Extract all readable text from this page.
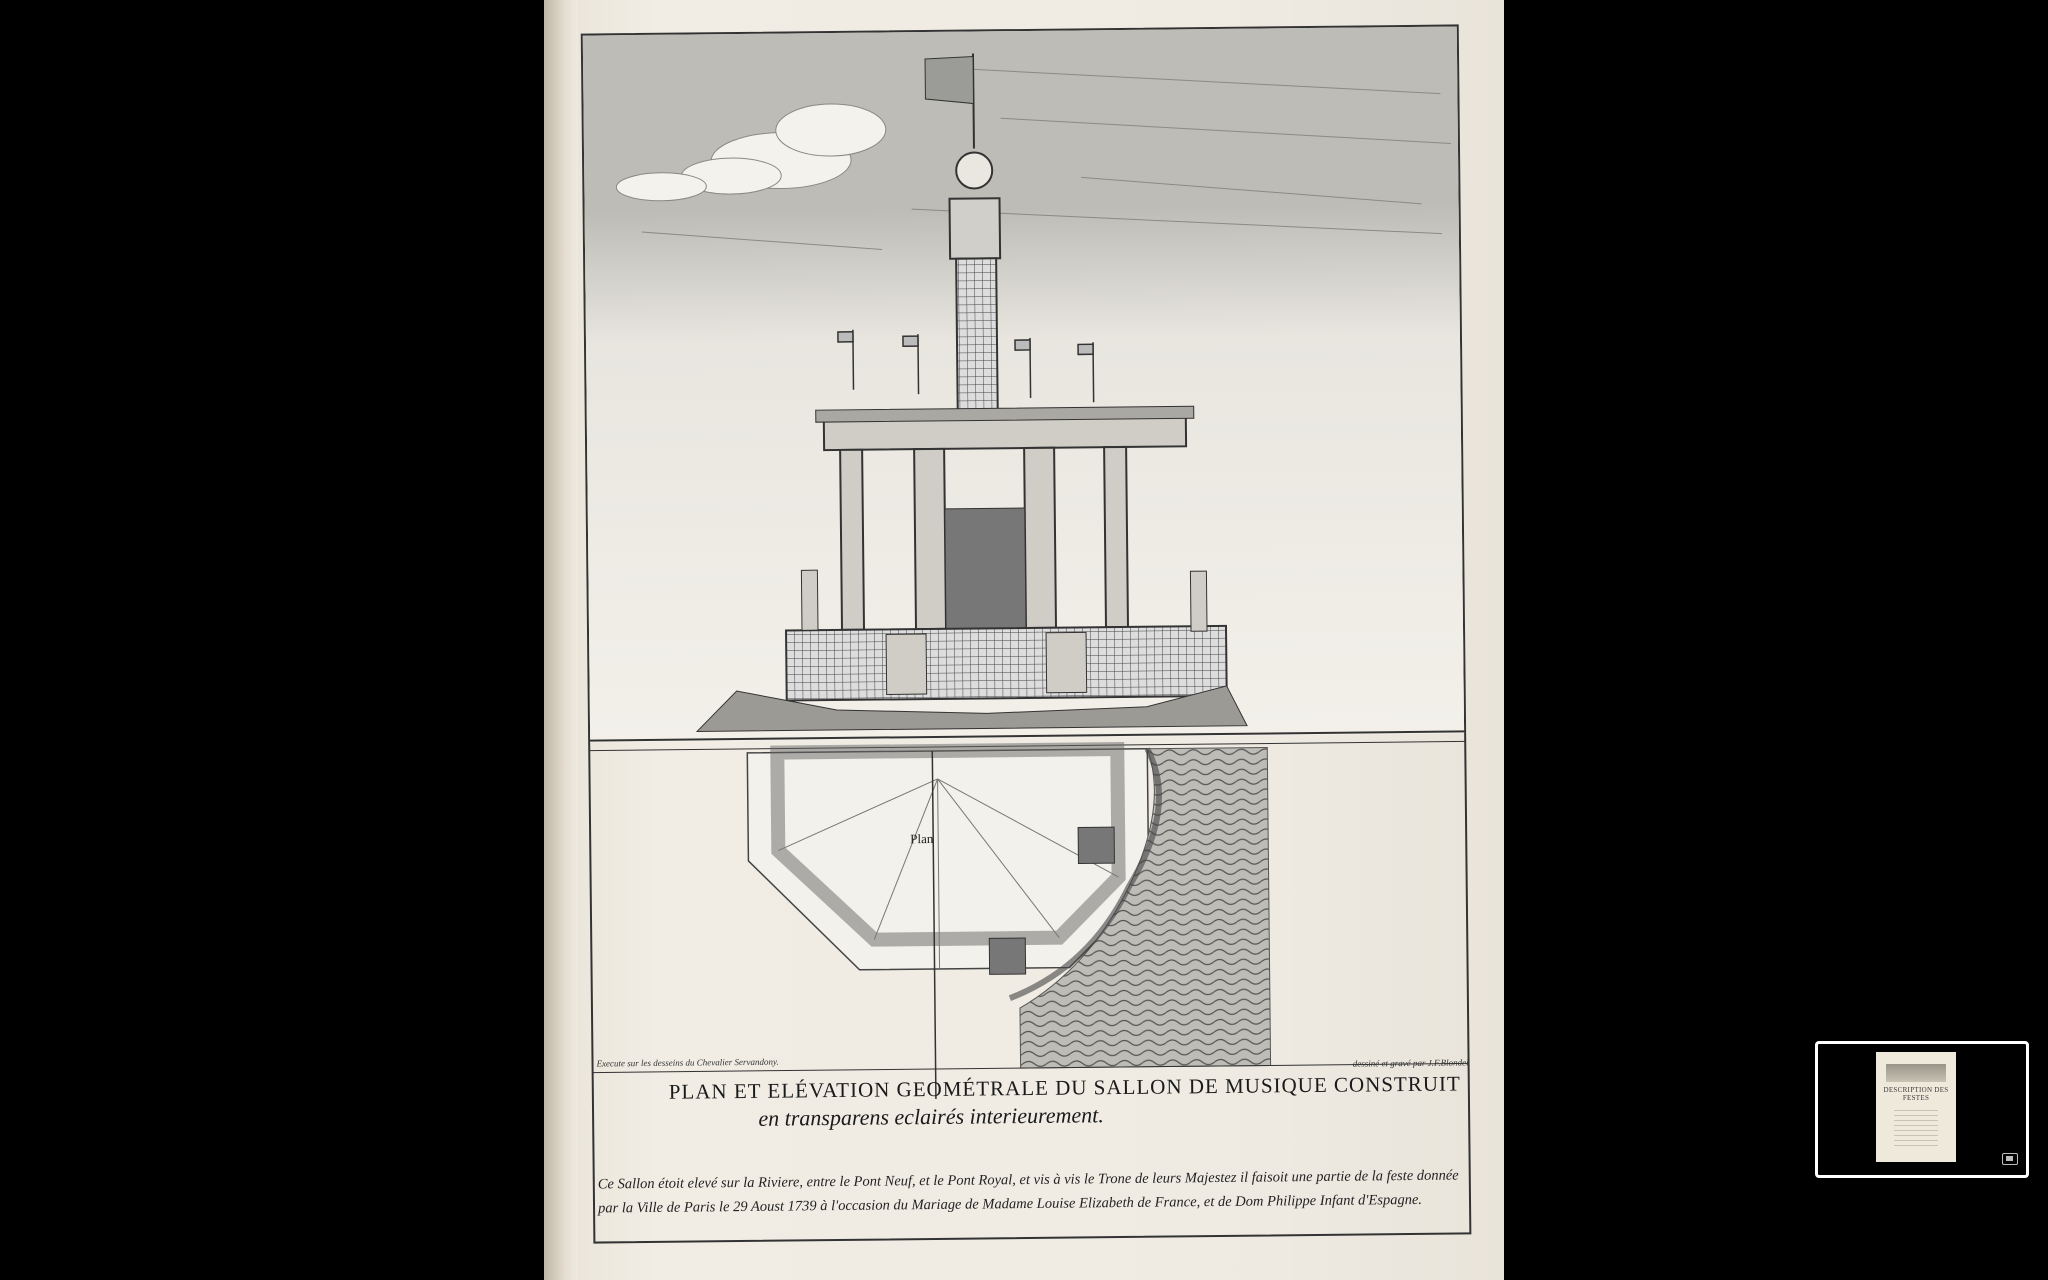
Plan
Execute sur les desseins du Chevalier Servandony.	dessiné et gravé par J.F.Blondel
PLAN ET ELÉVATION GEOMÉTRALE DU SALLON DE MUSIQUE CONSTRUIT
en transparens eclairés interieurement.
Ce Sallon étoit elevé sur la Riviere, entre le Pont Neuf, et le Pont Royal, et vis à vis le Trone de leurs Majestez il faisoit une partie de la feste donnée
par la Ville de Paris le 29 Aoust 1739 à l'occasion du Mariage de Madame Louise Elizabeth de France, et de Dom Philippe Infant d'Espagne.
DESCRIPTION DES FESTES
